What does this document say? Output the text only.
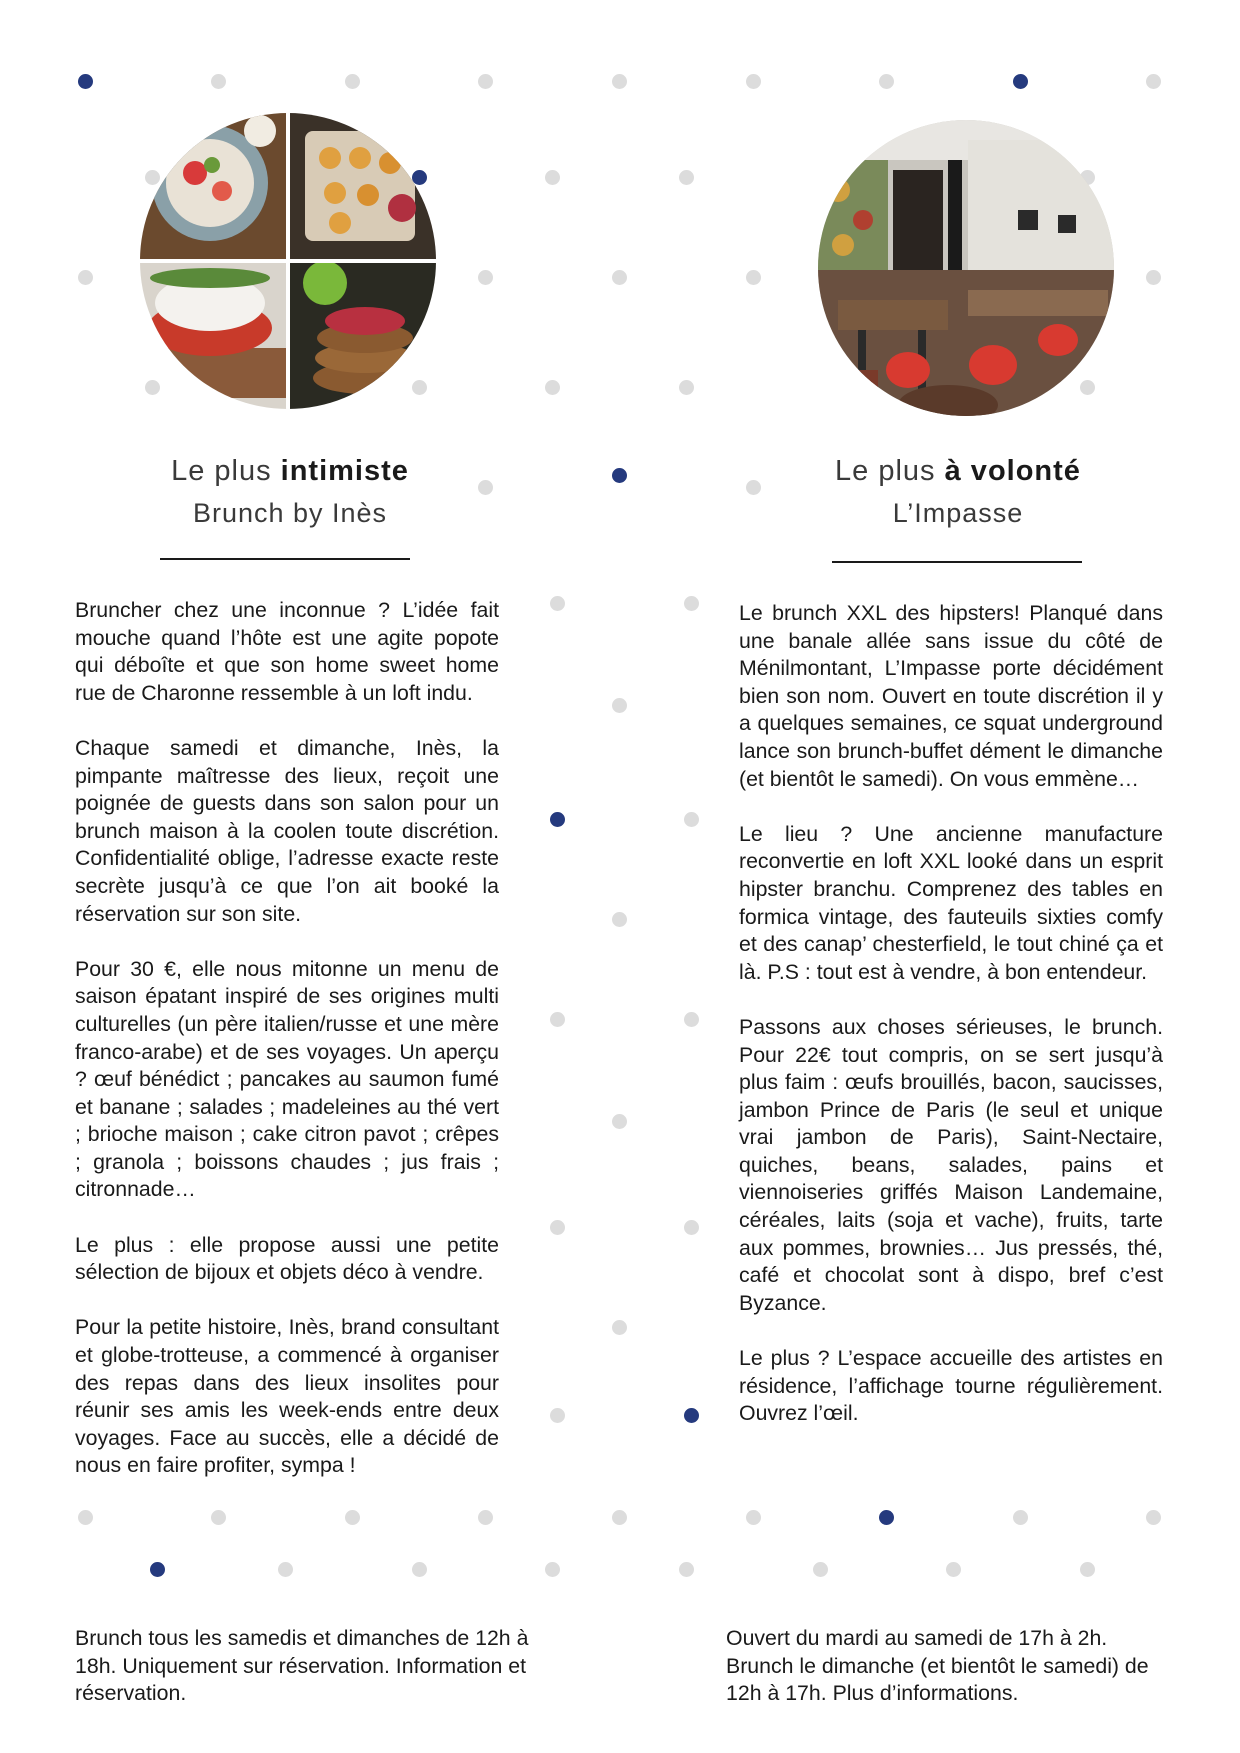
Le plus intimiste
Brunch by Inès
Le plus à volonté
L’Impasse

Bruncher chez une inconnue ? L’idée fait mouche quand l’hôte est une agite popote qui déboîte et que son home sweet home rue de Charonne ressemble à un loft indu.

Chaque samedi et dimanche, Inès, la pimpante maîtresse des lieux, reçoit une poignée de guests dans son salon pour un brunch maison à la coolen toute discrétion. Confidentialité oblige, l’adresse exacte reste secrète jusqu’à ce que l’on ait booké la réservation sur son site.

Pour 30 €, elle nous mitonne un menu de saison épatant inspiré de ses origines multi culturelles (un père italien/russe et une mère franco-arabe) et de ses voyages. Un aperçu ? œuf bénédict ; pancakes au saumon fumé et banane ; salades ; madeleines au thé vert ; brioche maison ; cake citron pavot ; crêpes ; granola ; boissons chaudes ; jus frais ; citronnade…

Le plus : elle propose aussi une petite sélection de bijoux et objets déco à vendre.

Pour la petite histoire, Inès, brand consultant et globe-trotteuse, a commencé à organiser des repas dans des lieux insolites pour réunir ses amis les week-ends entre deux voyages. Face au succès, elle a décidé de nous en faire profiter, sympa !

Le brunch XXL des hipsters! Planqué dans une banale allée sans issue du côté de Ménilmontant, L’Impasse porte décidément bien son nom. Ouvert en toute discrétion il y a quelques semaines, ce squat underground lance son brunch-buffet dément le dimanche (et bientôt le samedi). On vous emmène…

Le lieu ? Une ancienne manufacture reconvertie en loft XXL looké dans un esprit hipster branchu. Comprenez des tables en formica vintage, des fauteuils sixties comfy et des canap’ chesterfield, le tout chiné ça et là. P.S : tout est à vendre, à bon entendeur.

Passons aux choses sérieuses, le brunch. Pour 22€ tout compris, on se sert jusqu’à plus faim : œufs brouillés, bacon, saucisses, jambon Prince de Paris (le seul et unique vrai jambon de Paris), Saint-Nectaire, quiches, beans, salades, pains et viennoiseries griffés Maison Landemaine, céréales, laits (soja et vache), fruits, tarte aux pommes, brownies… Jus pressés, thé, café et chocolat sont à dispo, bref c’est Byzance.

Le plus ? L’espace accueille des artistes en résidence, l’affichage tourne régulièrement. Ouvrez l’œil.

Brunch tous les samedis et dimanches de 12h à 18h. Uniquement sur réservation. Information et réservation.
Ouvert du mardi au samedi de 17h à 2h. Brunch le dimanche (et bientôt le samedi) de 12h à 17h. Plus d’informations.
